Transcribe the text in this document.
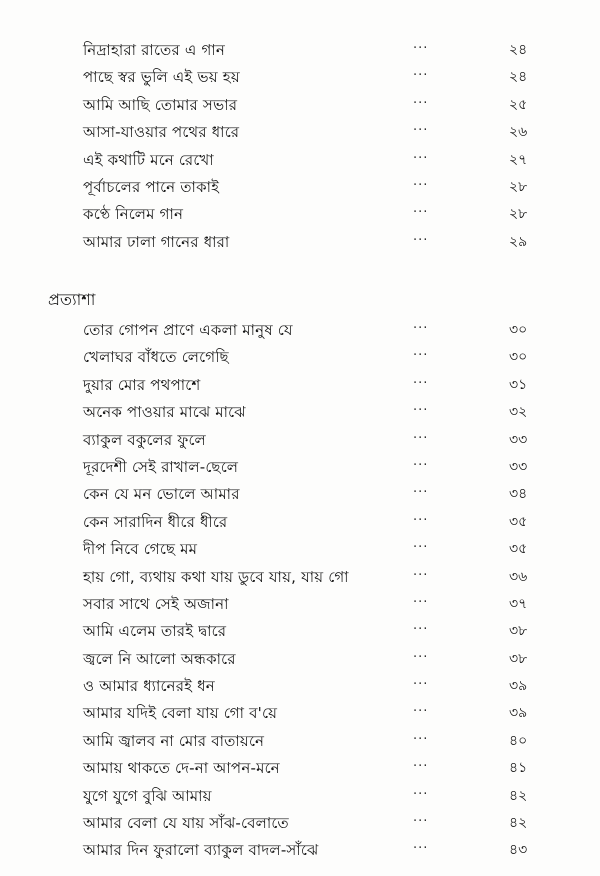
নিদ্রাহারা রাতের এ গান	···	২৪
পাছে স্বর ভুলি এই ভয় হয়	···	২৪
আমি আছি তোমার সভার	···	২৫
আসা-যাওয়ার পথের ধারে	···	২৬
এই কথাটি মনে রেখো	···	২৭
পূর্বাচলের পানে তাকাই	···	২৮
কণ্ঠে নিলেম গান	···	২৮
আমার ঢালা গানের ধারা	···	২৯
প্রত্যাশা
তোর গোপন প্রাণে একলা মানুষ যে	···	৩০
খেলাঘর বাঁধতে লেগেছি	···	৩০
দুয়ার মোর পথপাশে	···	৩১
অনেক পাওয়ার মাঝে মাঝে	···	৩২
ব্যাকুল বকুলের ফুলে	···	৩৩
দূরদেশী সেই রাখাল-ছেলে	···	৩৩
কেন যে মন ভোলে আমার	···	৩৪
কেন সারাদিন ধীরে ধীরে	···	৩৫
দীপ নিবে গেছে মম	···	৩৫
হায় গো, ব্যথায় কথা যায় ডুবে যায়, যায় গো	···	৩৬
সবার সাথে সেই অজানা	···	৩৭
আমি এলেম তারই দ্বারে	···	৩৮
জ্বলে নি আলো অন্ধকারে	···	৩৮
ও আমার ধ্যানেরই ধন	···	৩৯
আমার যদিই বেলা যায় গো ব'য়ে	···	৩৯
আমি জ্বালব না মোর বাতায়নে	···	৪০
আমায় থাকতে দে-না আপন-মনে	···	৪১
যুগে যুগে বুঝি আমায়	···	৪২
আমার বেলা যে যায় সাঁঝ-বেলাতে	···	৪২
আমার দিন ফুরালো ব্যাকুল বাদল-সাঁঝে	···	৪৩
